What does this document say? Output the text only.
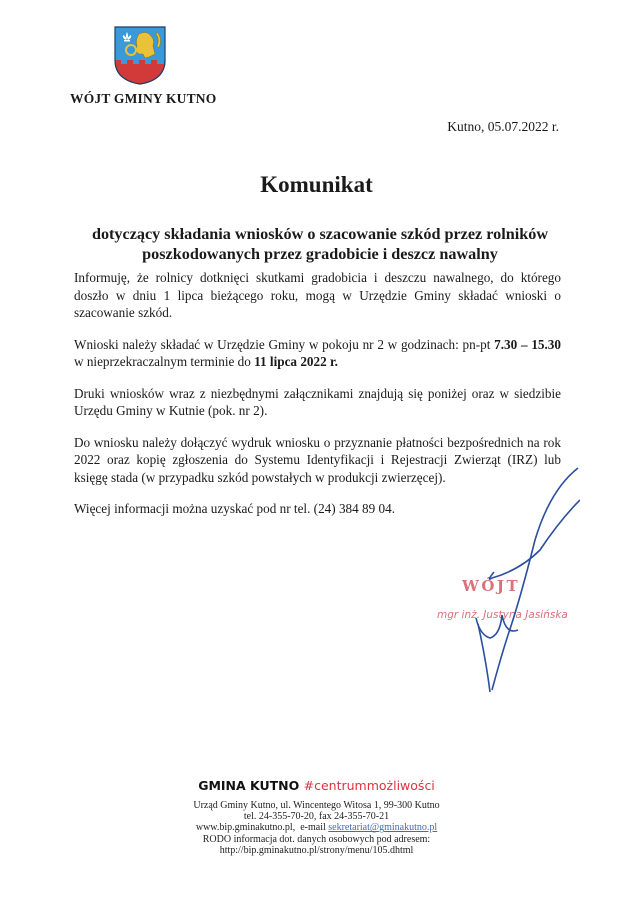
WÓJT GMINY KUTNO
Kutno, 05.07.2022 r.
Komunikat
dotyczący składania wniosków o szacowanie szkód przez rolników
poszkodowanych przez gradobicie i deszcz nawalny

Informuję, że rolnicy dotknięci skutkami gradobicia i deszczu nawalnego, do którego doszło w dniu 1 lipca bieżącego roku, mogą w Urzędzie Gminy składać wnioski o szacowanie szkód.

Wnioski należy składać w Urzędzie Gminy w pokoju nr 2 w godzinach: pn-pt 7.30 – 15.30 w nieprzekraczalnym terminie do 11 lipca 2022 r.

Druki wniosków wraz z niezbędnymi załącznikami znajdują się poniżej oraz w siedzibie Urzędu Gminy w Kutnie (pok. nr 2).

Do wniosku należy dołączyć wydruk wniosku o przyznanie płatności bezpośrednich na rok 2022 oraz kopię zgłoszenia do Systemu Identyfikacji i Rejestracji Zwierząt (IRZ) lub księgę stada (w przypadku szkód powstałych w produkcji zwierzęcej).

Więcej informacji można uzyskać pod nr tel. (24) 384 89 04.

WÓJT
mgr inż. Justyna Jasińska
GMINA KUTNO #centrummożliwości
Urząd Gminy Kutno, ul. Wincentego Witosa 1, 99-300 Kutno
tel. 24-355-70-20, fax 24-355-70-21
www.bip.gminakutno.pl, e-mail sekretariat@gminakutno.pl
RODO informacja dot. danych osobowych pod adresem:
http://bip.gminakutno.pl/strony/menu/105.dhtml
